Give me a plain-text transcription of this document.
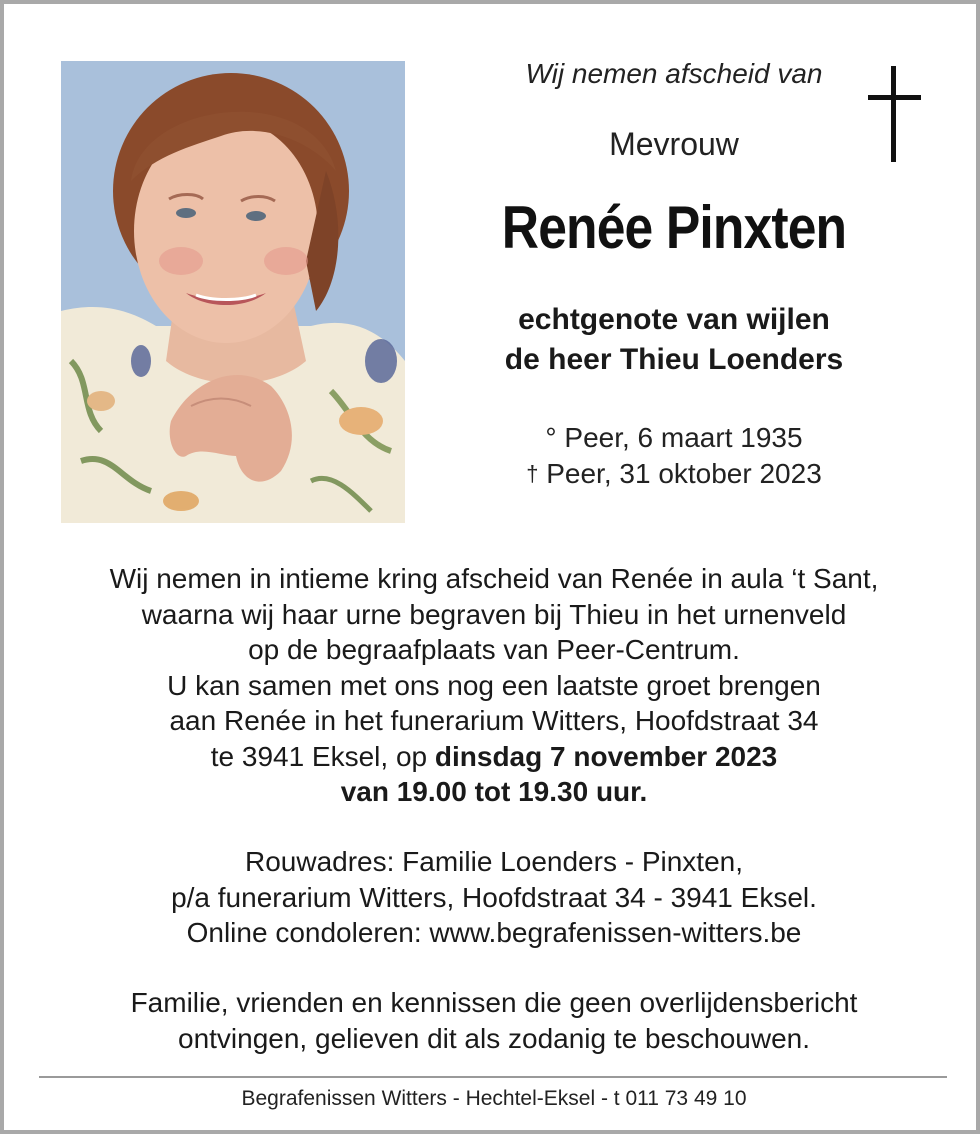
Wij nemen afscheid van
Mevrouw
Renée Pinxten
echtgenote van wijlen
de heer Thieu Loenders
° Peer, 6 maart 1935
† Peer, 31 oktober 2023
Wij nemen in intieme kring afscheid van Renée in aula ‘t Sant,
waarna wij haar urne begraven bij Thieu in het urnenveld
op de begraafplaats van Peer-Centrum.
U kan samen met ons nog een laatste groet brengen
aan Renée in het funerarium Witters, Hoofdstraat 34
te 3941 Eksel, op dinsdag 7 november 2023
van 19.00 tot 19.30 uur.
Rouwadres: Familie Loenders - Pinxten,
p/a funerarium Witters, Hoofdstraat 34 - 3941 Eksel.
Online condoleren: www.begrafenissen-witters.be
Familie, vrienden en kennissen die geen overlijdensbericht
ontvingen, gelieven dit als zodanig te beschouwen.
Begrafenissen Witters - Hechtel-Eksel - t 011 73 49 10
